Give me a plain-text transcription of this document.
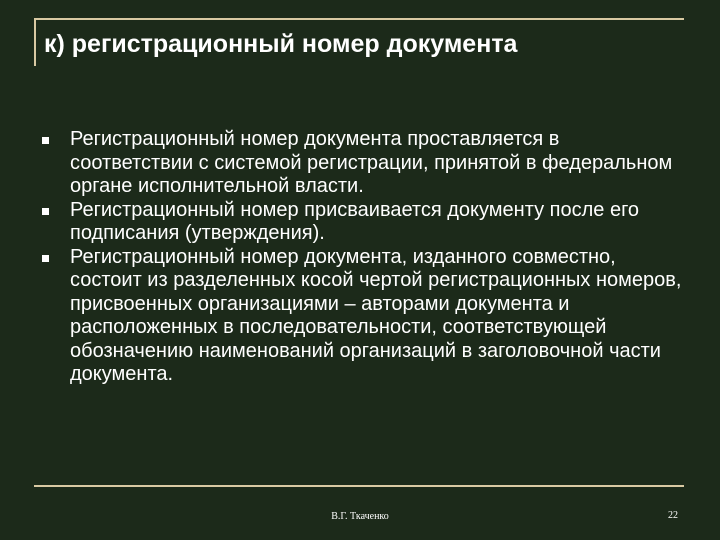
к) регистрационный номер документа
Регистрационный номер документа проставляется в соответствии с системой регистрации, принятой в федеральном органе исполнительной власти.
Регистрационный номер присваивается документу после его подписания (утверждения).
Регистрационный номер документа, изданного совместно, состоит из разделенных косой чертой регистрационных номеров, присвоенных организациями – авторами документа и расположенных в последовательности, соответствующей обозначению наименований организаций в заголовочной части документа.
В.Г. Ткаченко	22
